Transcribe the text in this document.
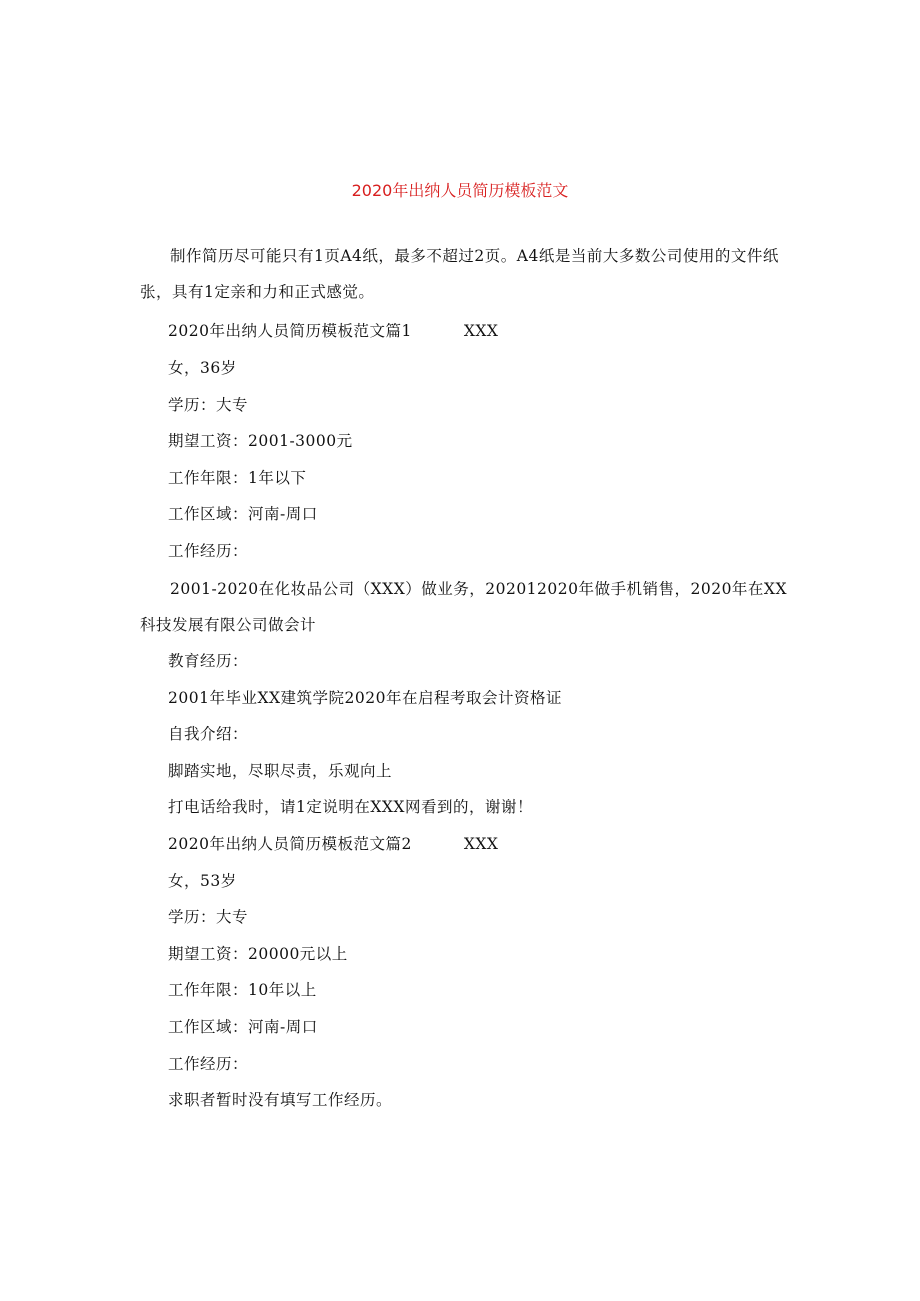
2020年出纳人员简历模板范文
制作简历尽可能只有1页A4纸，最多不超过2页。A4纸是当前大多数公司使用的文件纸张，具有1定亲和力和正式感觉。
2020年出纳人员简历模板范文篇1	XXX
女，36岁
学历：大专
期望工资：2001-3000元
工作年限：1年以下
工作区域：河南-周口
工作经历：
2001-2020在化妆品公司（XXX）做业务，202012020年做手机销售，2020年在XX科技发展有限公司做会计
教育经历：
2001年毕业XX建筑学院2020年在启程考取会计资格证
自我介绍：
脚踏实地，尽职尽责，乐观向上
打电话给我时，请1定说明在XXX网看到的，谢谢！
2020年出纳人员简历模板范文篇2	XXX
女，53岁
学历：大专
期望工资：20000元以上
工作年限：10年以上
工作区域：河南-周口
工作经历：
求职者暂时没有填写工作经历。
